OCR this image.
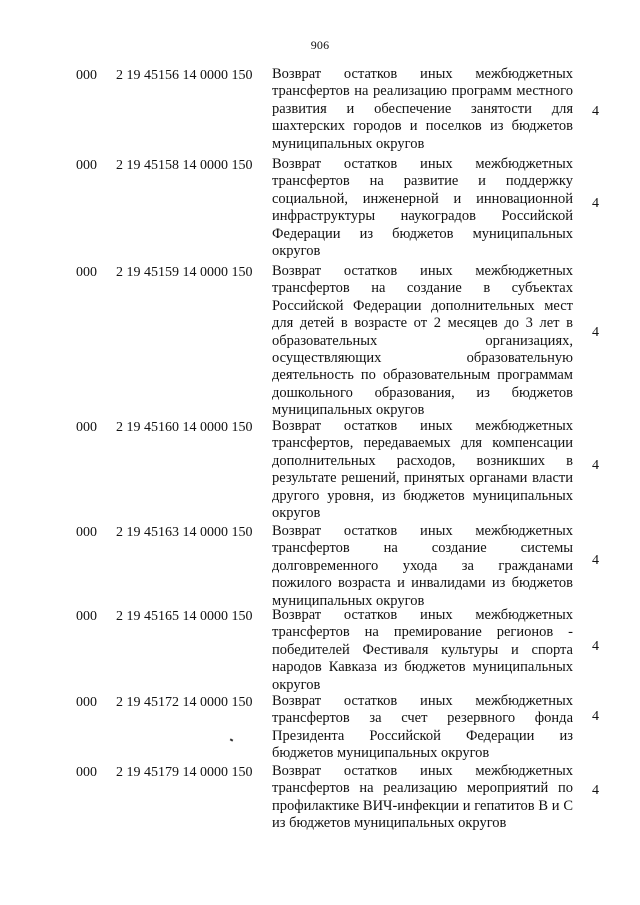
906
000 2 19 45156 14 0000 150 Возврат остатков иных межбюджетных трансфертов на реализацию программ местного развития и обеспечение занятости для шахтерских городов и поселков из бюджетов муниципальных округов
4
000 2 19 45158 14 0000 150 Возврат остатков иных межбюджетных трансфертов на развитие и поддержку социальной, инженерной и инновационной инфраструктуры наукоградов Российской Федерации из бюджетов муниципальных округов
4
000 2 19 45159 14 0000 150 Возврат остатков иных межбюджетных трансфертов на создание в субъектах Российской Федерации дополнительных мест для детей в возрасте от 2 месяцев до 3 лет в образовательных организациях, осуществляющих образовательную деятельность по образовательным программам дошкольного образования, из бюджетов муниципальных округов
4
000 2 19 45160 14 0000 150 Возврат остатков иных межбюджетных трансфертов, передаваемых для компенсации дополнительных расходов, возникших в результате решений, принятых органами власти другого уровня, из бюджетов муниципальных округов
4
000 2 19 45163 14 0000 150 Возврат остатков иных межбюджетных трансфертов на создание системы долговременного ухода за гражданами пожилого возраста и инвалидами из бюджетов муниципальных округов
4
000 2 19 45165 14 0000 150 Возврат остатков иных межбюджетных трансфертов на премирование регионов - победителей Фестиваля культуры и спорта народов Кавказа из бюджетов муниципальных округов
4
000 2 19 45172 14 0000 150 Возврат остатков иных межбюджетных трансфертов за счет резервного фонда Президента Российской Федерации из бюджетов муниципальных округов
4
000 2 19 45179 14 0000 150 Возврат остатков иных межбюджетных трансфертов на реализацию мероприятий по профилактике ВИЧ-инфекции и гепатитов В и С из бюджетов муниципальных округов
4
